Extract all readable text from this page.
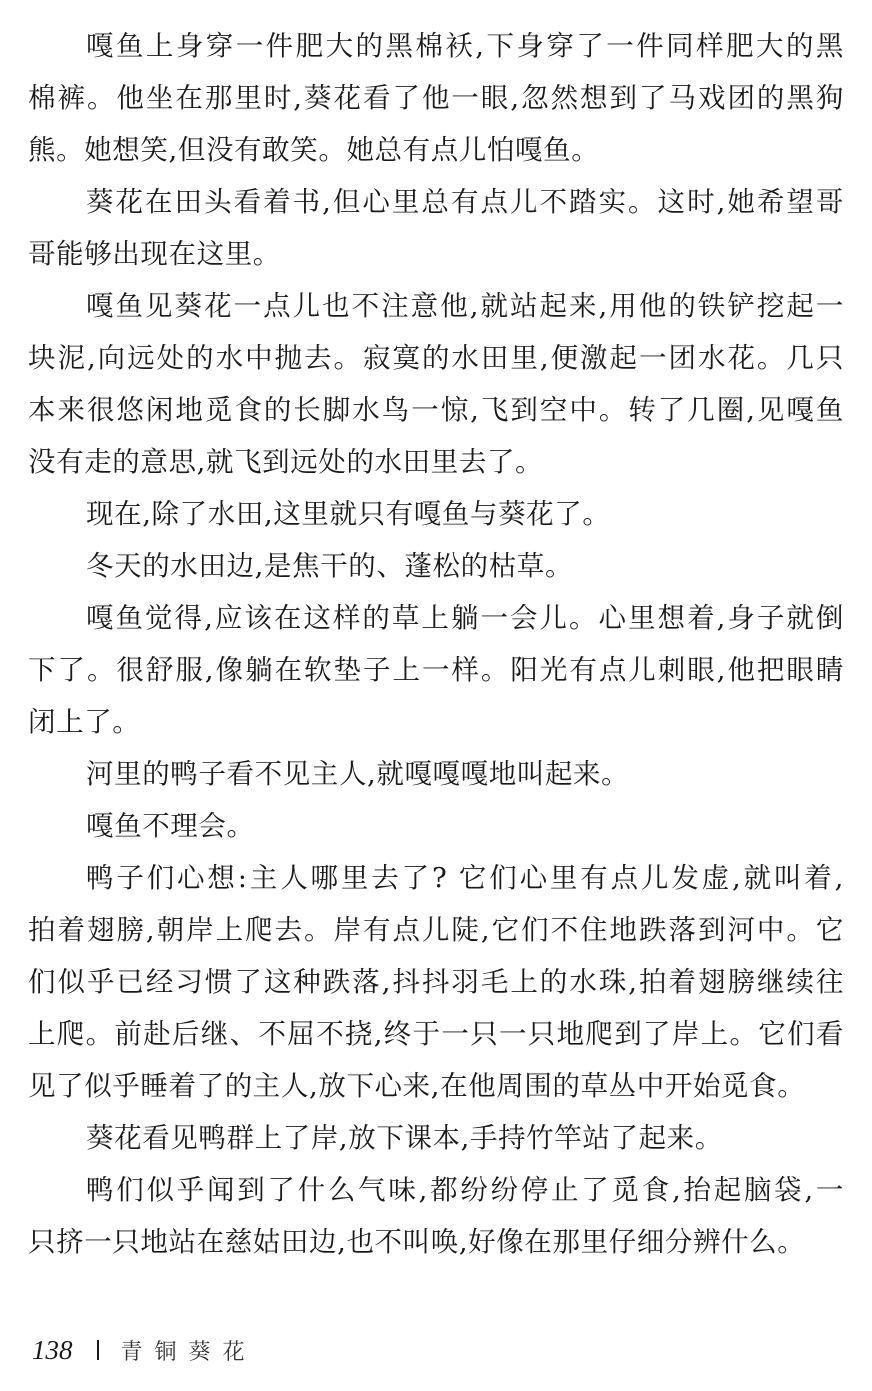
嘎鱼上身穿一件肥大的黑棉袄,下身穿了一件同样肥大的黑
棉裤。他坐在那里时,葵花看了他一眼,忽然想到了马戏团的黑狗
熊。她想笑,但没有敢笑。她总有点儿怕嘎鱼。
葵花在田头看着书,但心里总有点儿不踏实。这时,她希望哥
哥能够出现在这里。
嘎鱼见葵花一点儿也不注意他,就站起来,用他的铁铲挖起一
块泥,向远处的水中抛去。寂寞的水田里,便激起一团水花。几只
本来很悠闲地觅食的长脚水鸟一惊,飞到空中。转了几圈,见嘎鱼
没有走的意思,就飞到远处的水田里去了。
现在,除了水田,这里就只有嘎鱼与葵花了。
冬天的水田边,是焦干的、蓬松的枯草。
嘎鱼觉得,应该在这样的草上躺一会儿。心里想着,身子就倒
下了。很舒服,像躺在软垫子上一样。阳光有点儿刺眼,他把眼睛
闭上了。
河里的鸭子看不见主人,就嘎嘎嘎地叫起来。
嘎鱼不理会。
鸭子们心想:主人哪里去了? 它们心里有点儿发虚,就叫着,
拍着翅膀,朝岸上爬去。岸有点儿陡,它们不住地跌落到河中。它
们似乎已经习惯了这种跌落,抖抖羽毛上的水珠,拍着翅膀继续往
上爬。前赴后继、不屈不挠,终于一只一只地爬到了岸上。它们看
见了似乎睡着了的主人,放下心来,在他周围的草丛中开始觅食。
葵花看见鸭群上了岸,放下课本,手持竹竿站了起来。
鸭们似乎闻到了什么气味,都纷纷停止了觅食,抬起脑袋,一
只挤一只地站在慈姑田边,也不叫唤,好像在那里仔细分辨什么。
138 青铜葵花
